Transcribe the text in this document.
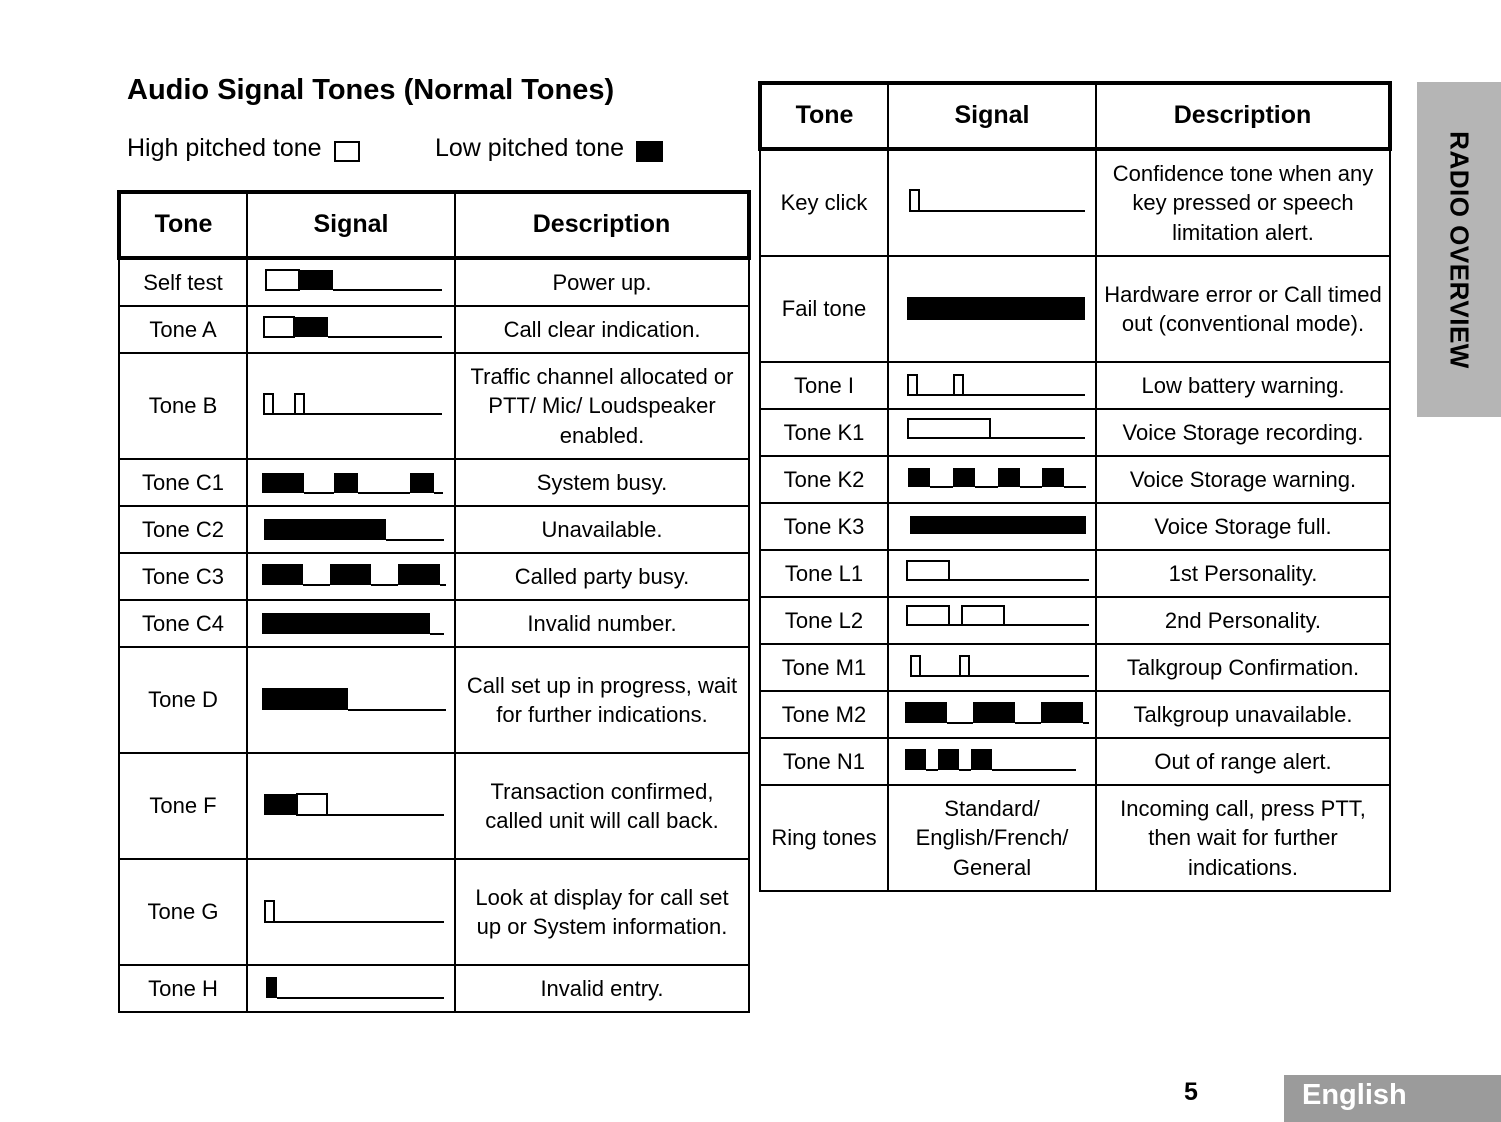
Audio Signal Tones (Normal Tones)
High pitched tone	Low pitched tone
Tone	Signal	Description
Self test		Power up.
Tone A		Call clear indication.
Tone B		Traffic channel allocated or PTT/ Mic/ Loudspeaker enabled.
Tone C1		System busy.
Tone C2		Unavailable.
Tone C3		Called party busy.
Tone C4		Invalid number.
Tone D		Call set up in progress, wait for further indications.
Tone F		Transaction confirmed, called unit will call back.
Tone G		Look at display for call set up or System information.
Tone H		Invalid entry.
Tone	Signal	Description
Key click		Confidence tone when any key pressed or speech limitation alert.
Fail tone		Hardware error or Call timed out (conventional mode).
Tone I		Low battery warning.
Tone K1		Voice Storage recording.
Tone K2		Voice Storage warning.
Tone K3		Voice Storage full.
Tone L1		1st Personality.
Tone L2		2nd Personality.
Tone M1		Talkgroup Confirmation.
Tone M2		Talkgroup unavailable.
Tone N1		Out of range alert.
Ring tones	Standard/ English/French/ General	Incoming call, press PTT, then wait for further indications.
RADIO OVERVIEW
5	English
